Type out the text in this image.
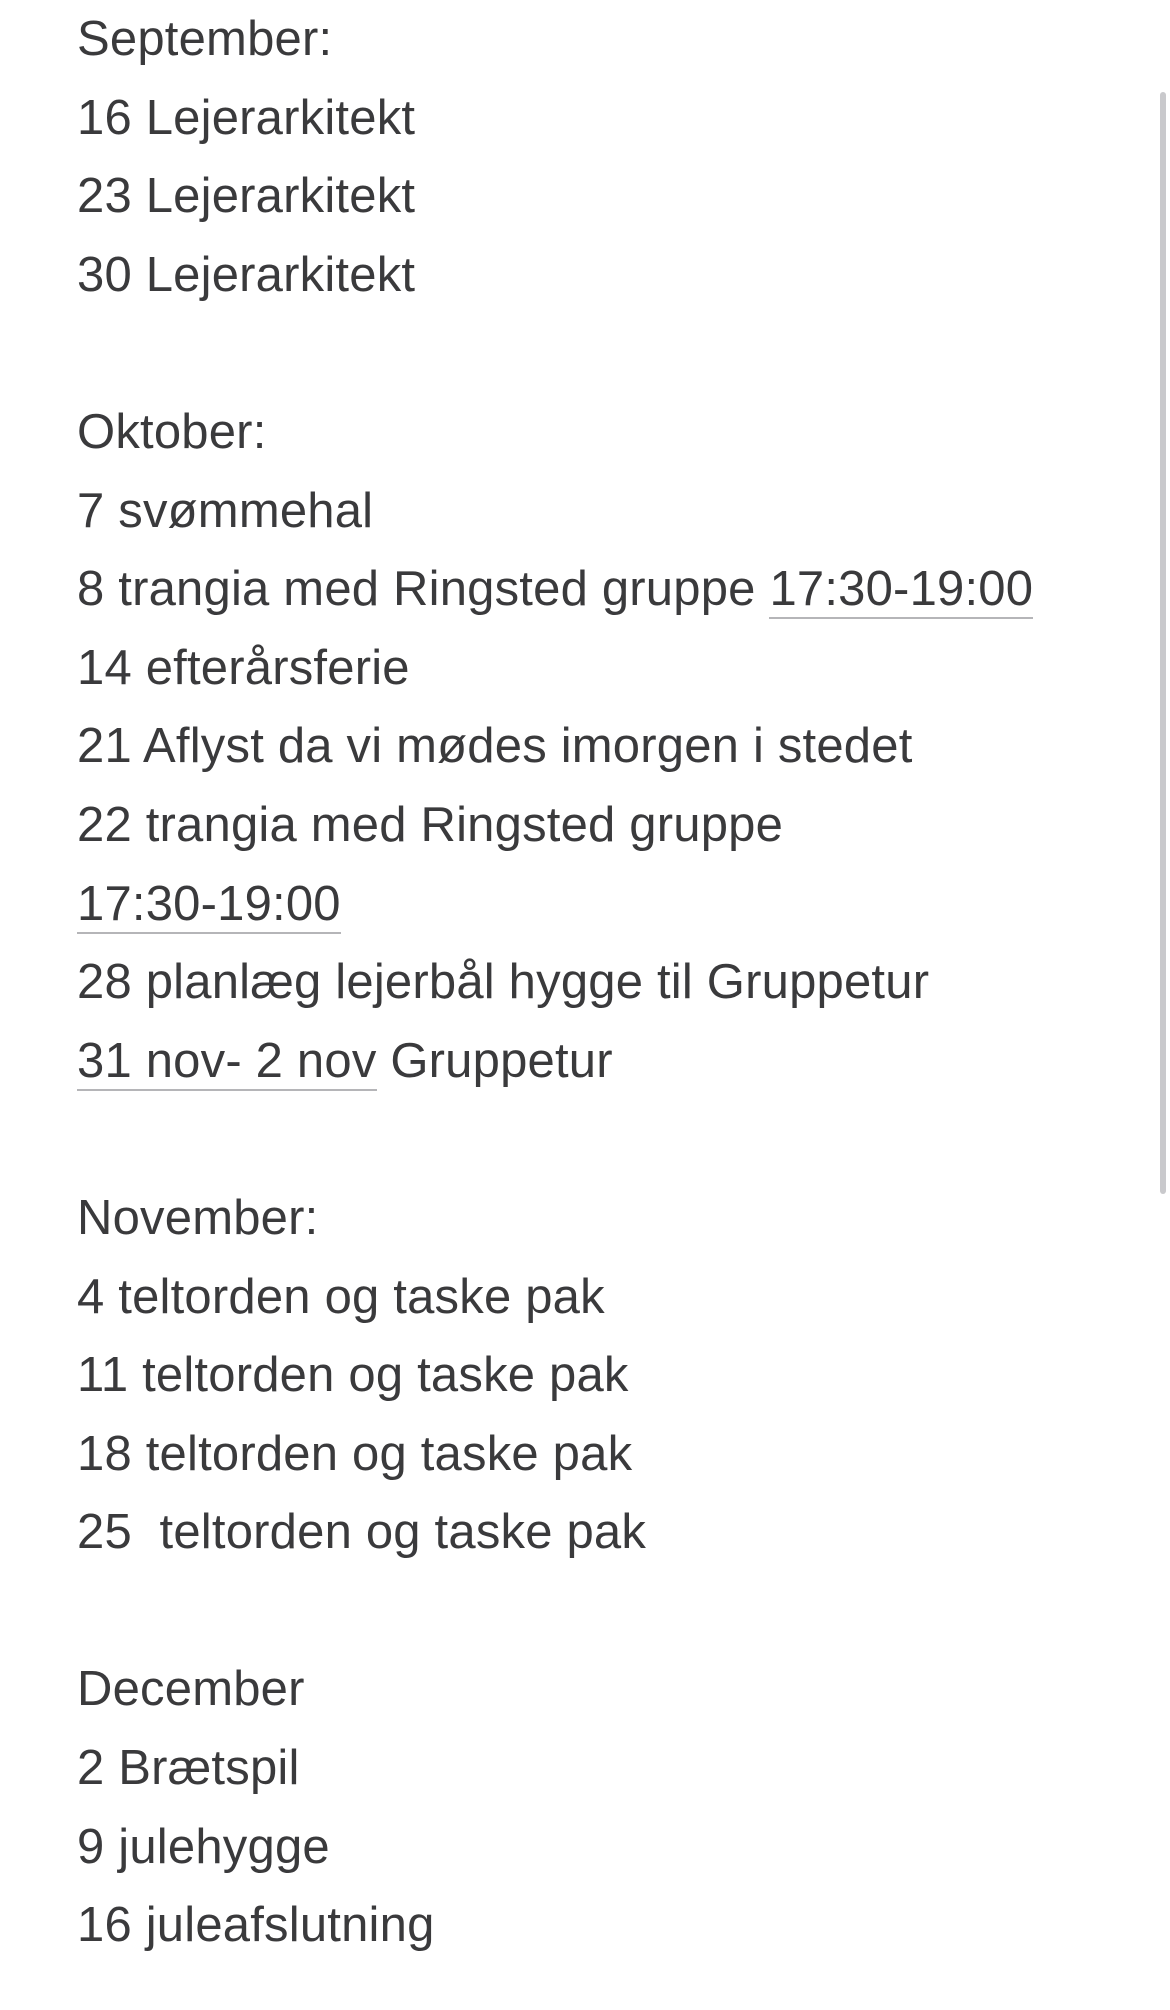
September:
16 Lejerarkitekt
23 Lejerarkitekt
30 Lejerarkitekt
Oktober:
7 svømmehal
8 trangia med Ringsted gruppe 17:30-19:00
14 efterårsferie
21 Aflyst da vi mødes imorgen i stedet
22 trangia med Ringsted gruppe
17:30-19:00
28 planlæg lejerbål hygge til Gruppetur
31 nov- 2 nov Gruppetur
November:
4 teltorden og taske pak
11 teltorden og taske pak
18 teltorden og taske pak
25  teltorden og taske pak
December
2 Brætspil
9 julehygge
16 juleafslutning
